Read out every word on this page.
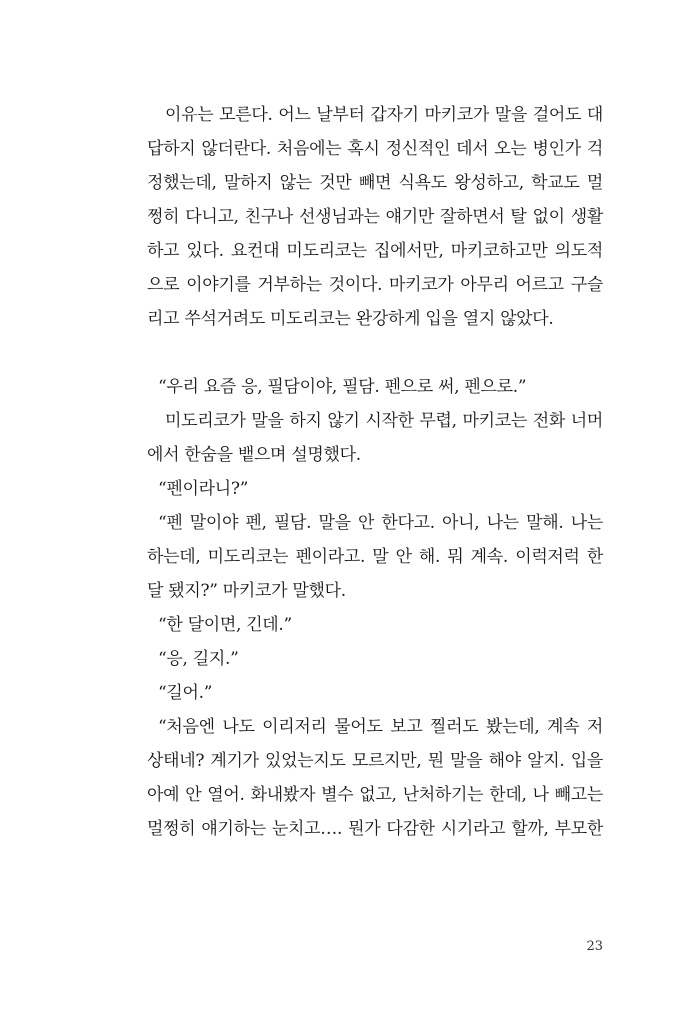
이유는 모른다. 어느 날부터 갑자기 마키코가 말을 걸어도 대
답하지 않더란다. 처음에는 혹시 정신적인 데서 오는 병인가 걱
정했는데, 말하지 않는 것만 빼면 식욕도 왕성하고, 학교도 멀
쩡히 다니고, 친구나 선생님과는 얘기만 잘하면서 탈 없이 생활
하고 있다. 요컨대 미도리코는 집에서만, 마키코하고만 의도적
으로 이야기를 거부하는 것이다. 마키코가 아무리 어르고 구슬
리고 쑤석거려도 미도리코는 완강하게 입을 열지 않았다.
“우리 요즘 응, 필담이야, 필담. 펜으로 써, 펜으로.”
미도리코가 말을 하지 않기 시작한 무렵, 마키코는 전화 너머
에서 한숨을 뱉으며 설명했다.
“펜이라니?”
“펜 말이야 펜, 필담. 말을 안 한다고. 아니, 나는 말해. 나는
하는데, 미도리코는 펜이라고. 말 안 해. 뭐 계속. 이럭저럭 한
달 됐지?” 마키코가 말했다.
“한 달이면, 긴데.”
“응, 길지.”
“길어.”
“처음엔 나도 이리저리 물어도 보고 찔러도 봤는데, 계속 저
상태네? 계기가 있었는지도 모르지만, 뭔 말을 해야 알지. 입을
아예 안 열어. 화내봤자 별수 없고, 난처하기는 한데, 나 빼고는
멀쩡히 얘기하는 눈치고…. 뭔가 다감한 시기라고 할까, 부모한
23
